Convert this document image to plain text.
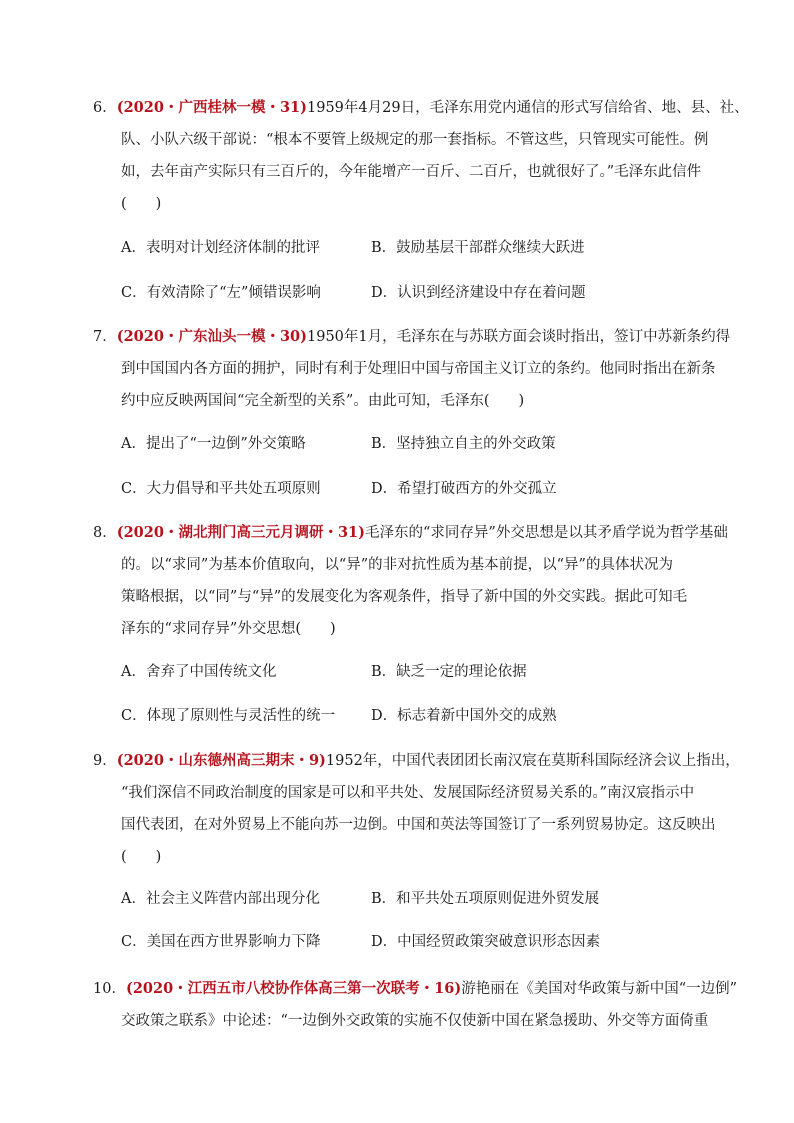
6．(2020・广西桂林一模・31)1959年4月29日，毛泽东用党内通信的形式写信给省、地、县、社、
队、小队六级干部说：“根本不要管上级规定的那一套指标。不管这些，只管现实可能性。例
如，去年亩产实际只有三百斤的，今年能增产一百斤、二百斤，也就很好了。”毛泽东此信件
(　　)
A．表明对计划经济体制的批评	B．鼓励基层干部群众继续大跃进
C．有效清除了“左”倾错误影响	D．认识到经济建设中存在着问题
7．(2020・广东汕头一模・30)1950年1月，毛泽东在与苏联方面会谈时指出，签订中苏新条约得
到中国国内各方面的拥护，同时有利于处理旧中国与帝国主义订立的条约。他同时指出在新条
约中应反映两国间“完全新型的关系”。由此可知，毛泽东(　　)
A．提出了“一边倒”外交策略	B．坚持独立自主的外交政策
C．大力倡导和平共处五项原则	D．希望打破西方的外交孤立
8．(2020・湖北荆门高三元月调研・31)毛泽东的“求同存异”外交思想是以其矛盾学说为哲学基础
的。以“求同”为基本价值取向，以“异”的非对抗性质为基本前提，以“异”的具体状况为
策略根据，以“同”与“异”的发展变化为客观条件，指导了新中国的外交实践。据此可知毛
泽东的“求同存异”外交思想(　　)
A．舍弃了中国传统文化	B．缺乏一定的理论依据
C．体现了原则性与灵活性的统一 D．标志着新中国外交的成熟
9．(2020・山东德州高三期末・9)1952年，中国代表团团长南汉宸在莫斯科国际经济会议上指出，
“我们深信不同政治制度的国家是可以和平共处、发展国际经济贸易关系的。”南汉宸指示中
国代表团，在对外贸易上不能向苏一边倒。中国和英法等国签订了一系列贸易协定。这反映出
(　　)
A．社会主义阵营内部出现分化	B．和平共处五项原则促进外贸发展
C．美国在西方世界影响力下降	D．中国经贸政策突破意识形态因素
10．(2020・江西五市八校协作体高三第一次联考・16)游艳丽在《美国对华政策与新中国“一边倒”
交政策之联系》中论述：“一边倒外交政策的实施不仅使新中国在紧急援助、外交等方面倚重
